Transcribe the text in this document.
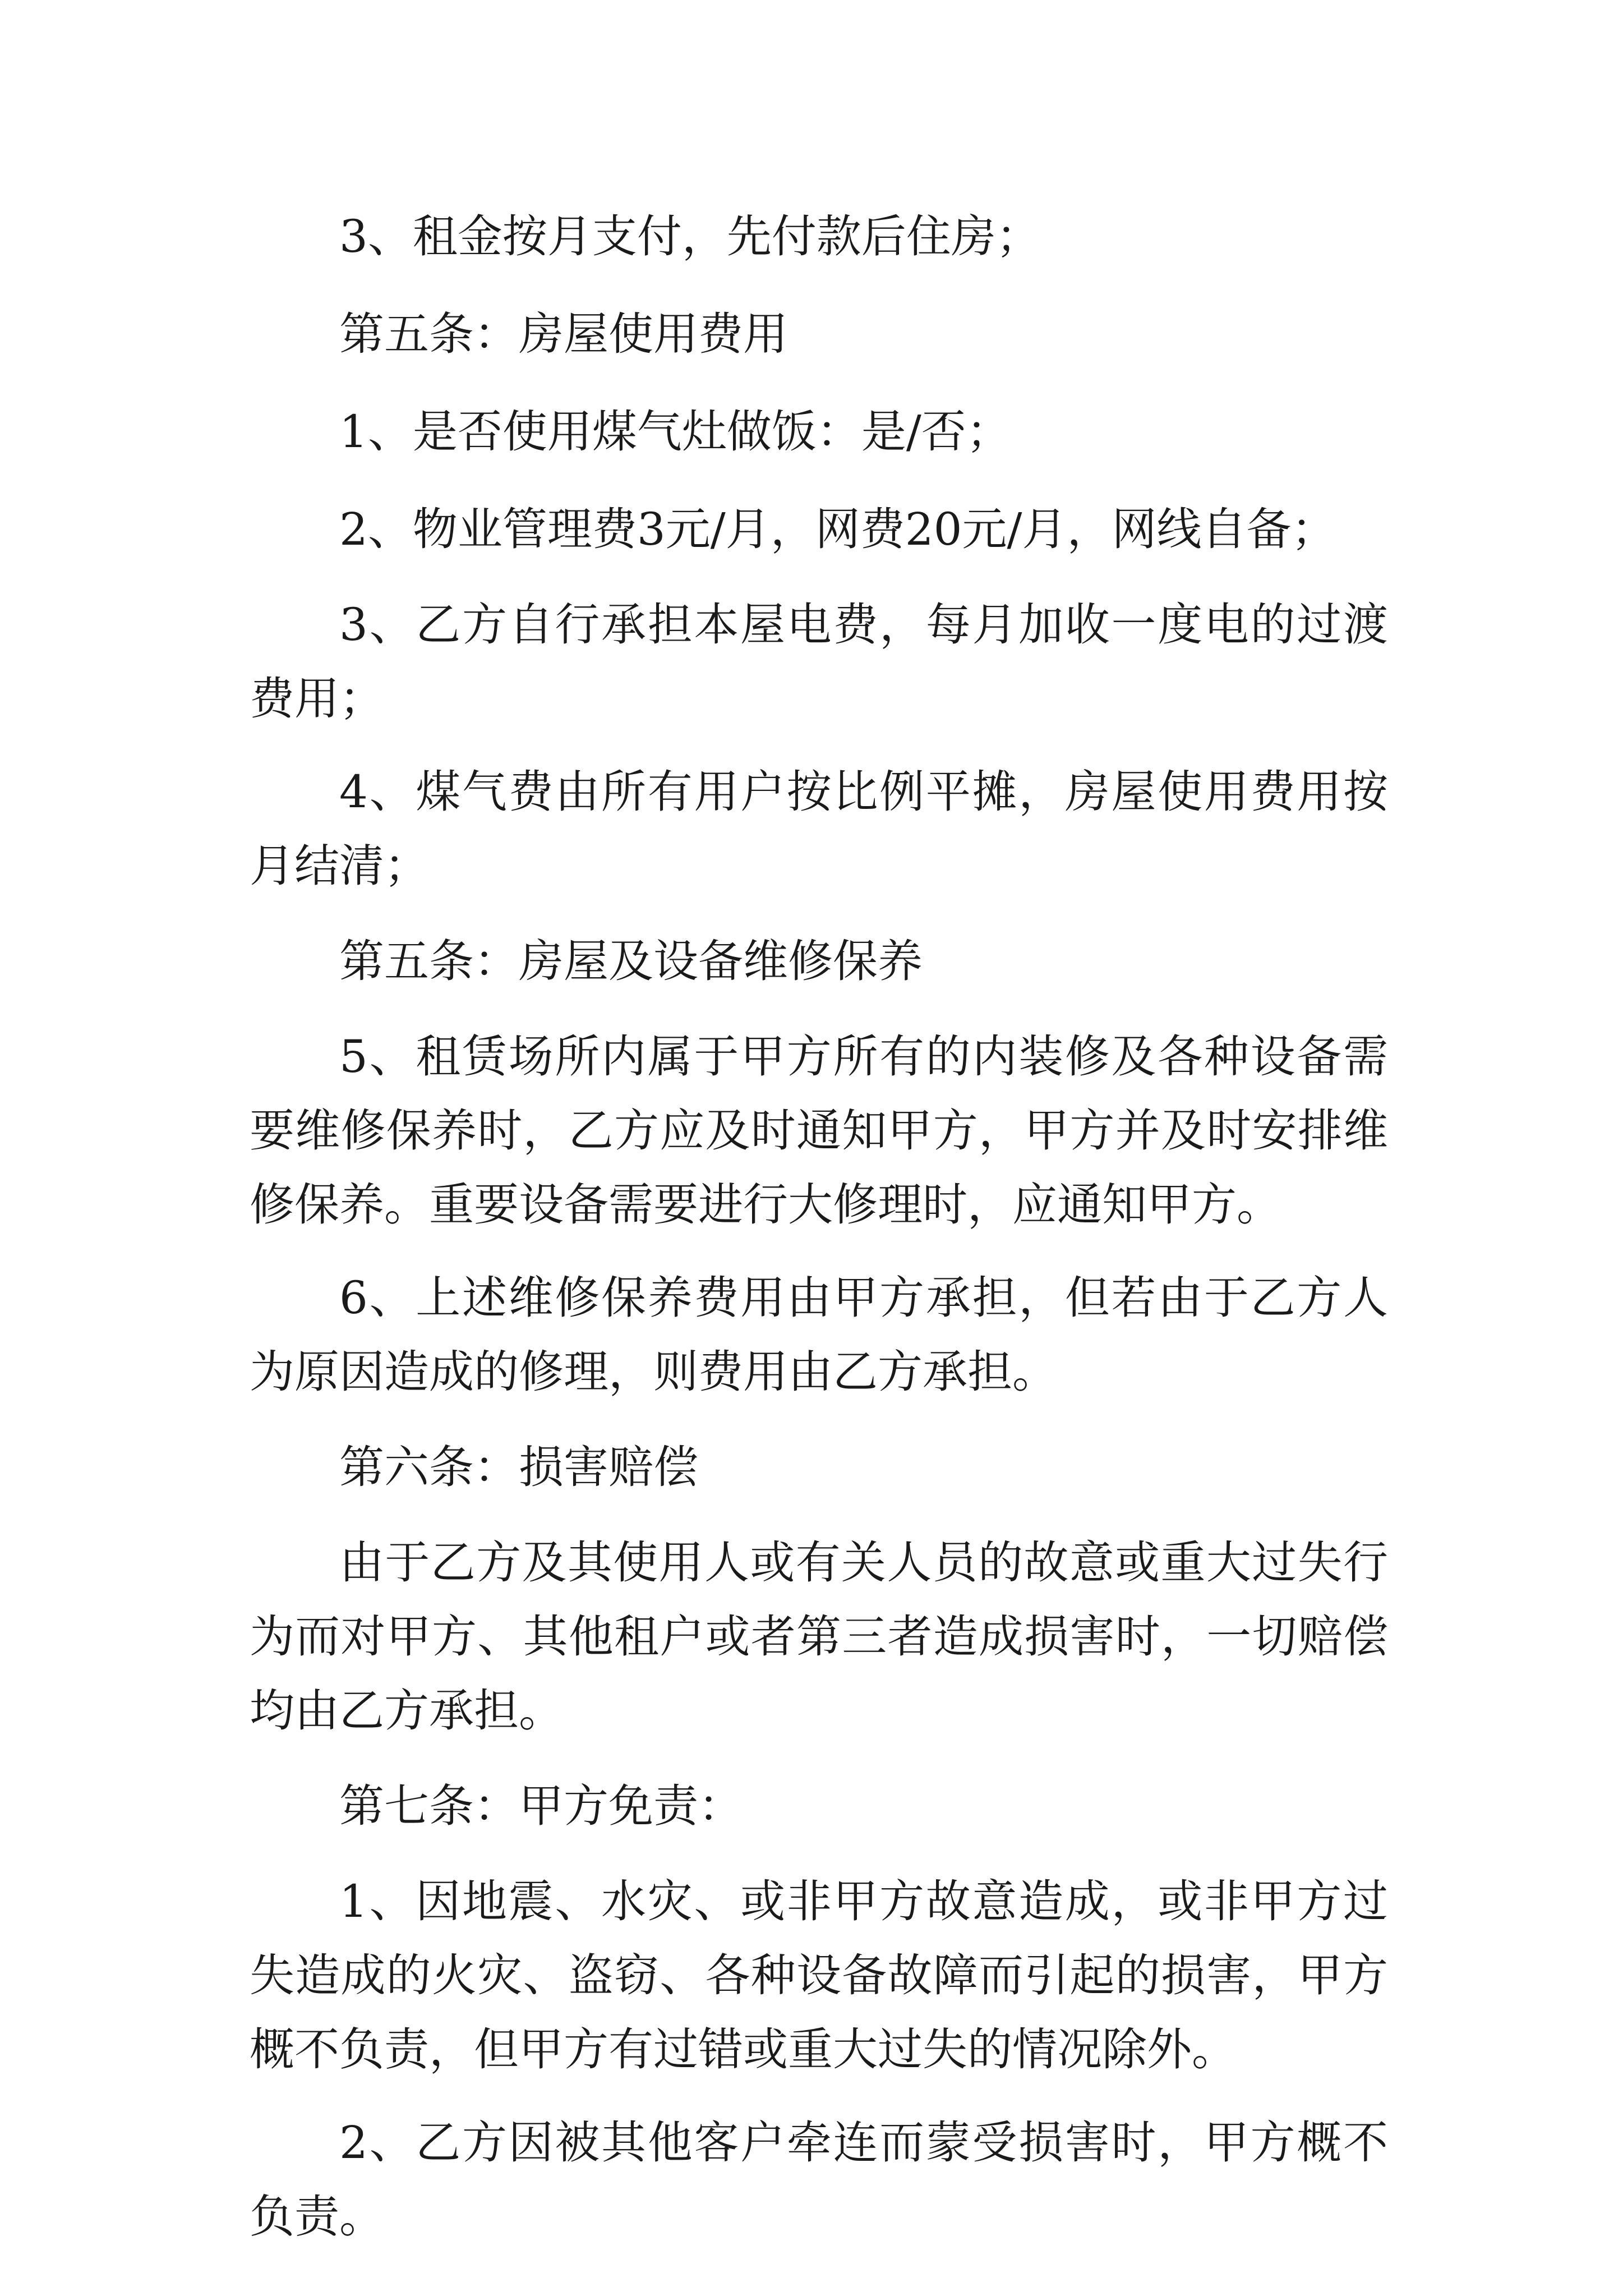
3、租金按月支付，先付款后住房；

第五条：房屋使用费用

1、是否使用煤气灶做饭：是/否；

2、物业管理费3元/月，网费20元/月，网线自备；

3、乙方自行承担本屋电费，每月加收一度电的过渡费用；

4、煤气费由所有用户按比例平摊，房屋使用费用按月结清；

第五条：房屋及设备维修保养

5、租赁场所内属于甲方所有的内装修及各种设备需要维修保养时，乙方应及时通知甲方，甲方并及时安排维修保养。重要设备需要进行大修理时，应通知甲方。

6、上述维修保养费用由甲方承担，但若由于乙方人为原因造成的修理，则费用由乙方承担。

第六条：损害赔偿

由于乙方及其使用人或有关人员的故意或重大过失行为而对甲方、其他租户或者第三者造成损害时，一切赔偿均由乙方承担。

第七条：甲方免责：

1、因地震、水灾、或非甲方故意造成，或非甲方过失造成的火灾、盗窃、各种设备故障而引起的损害，甲方概不负责，但甲方有过错或重大过失的情况除外。

2、乙方因被其他客户牵连而蒙受损害时，甲方概不负责。
